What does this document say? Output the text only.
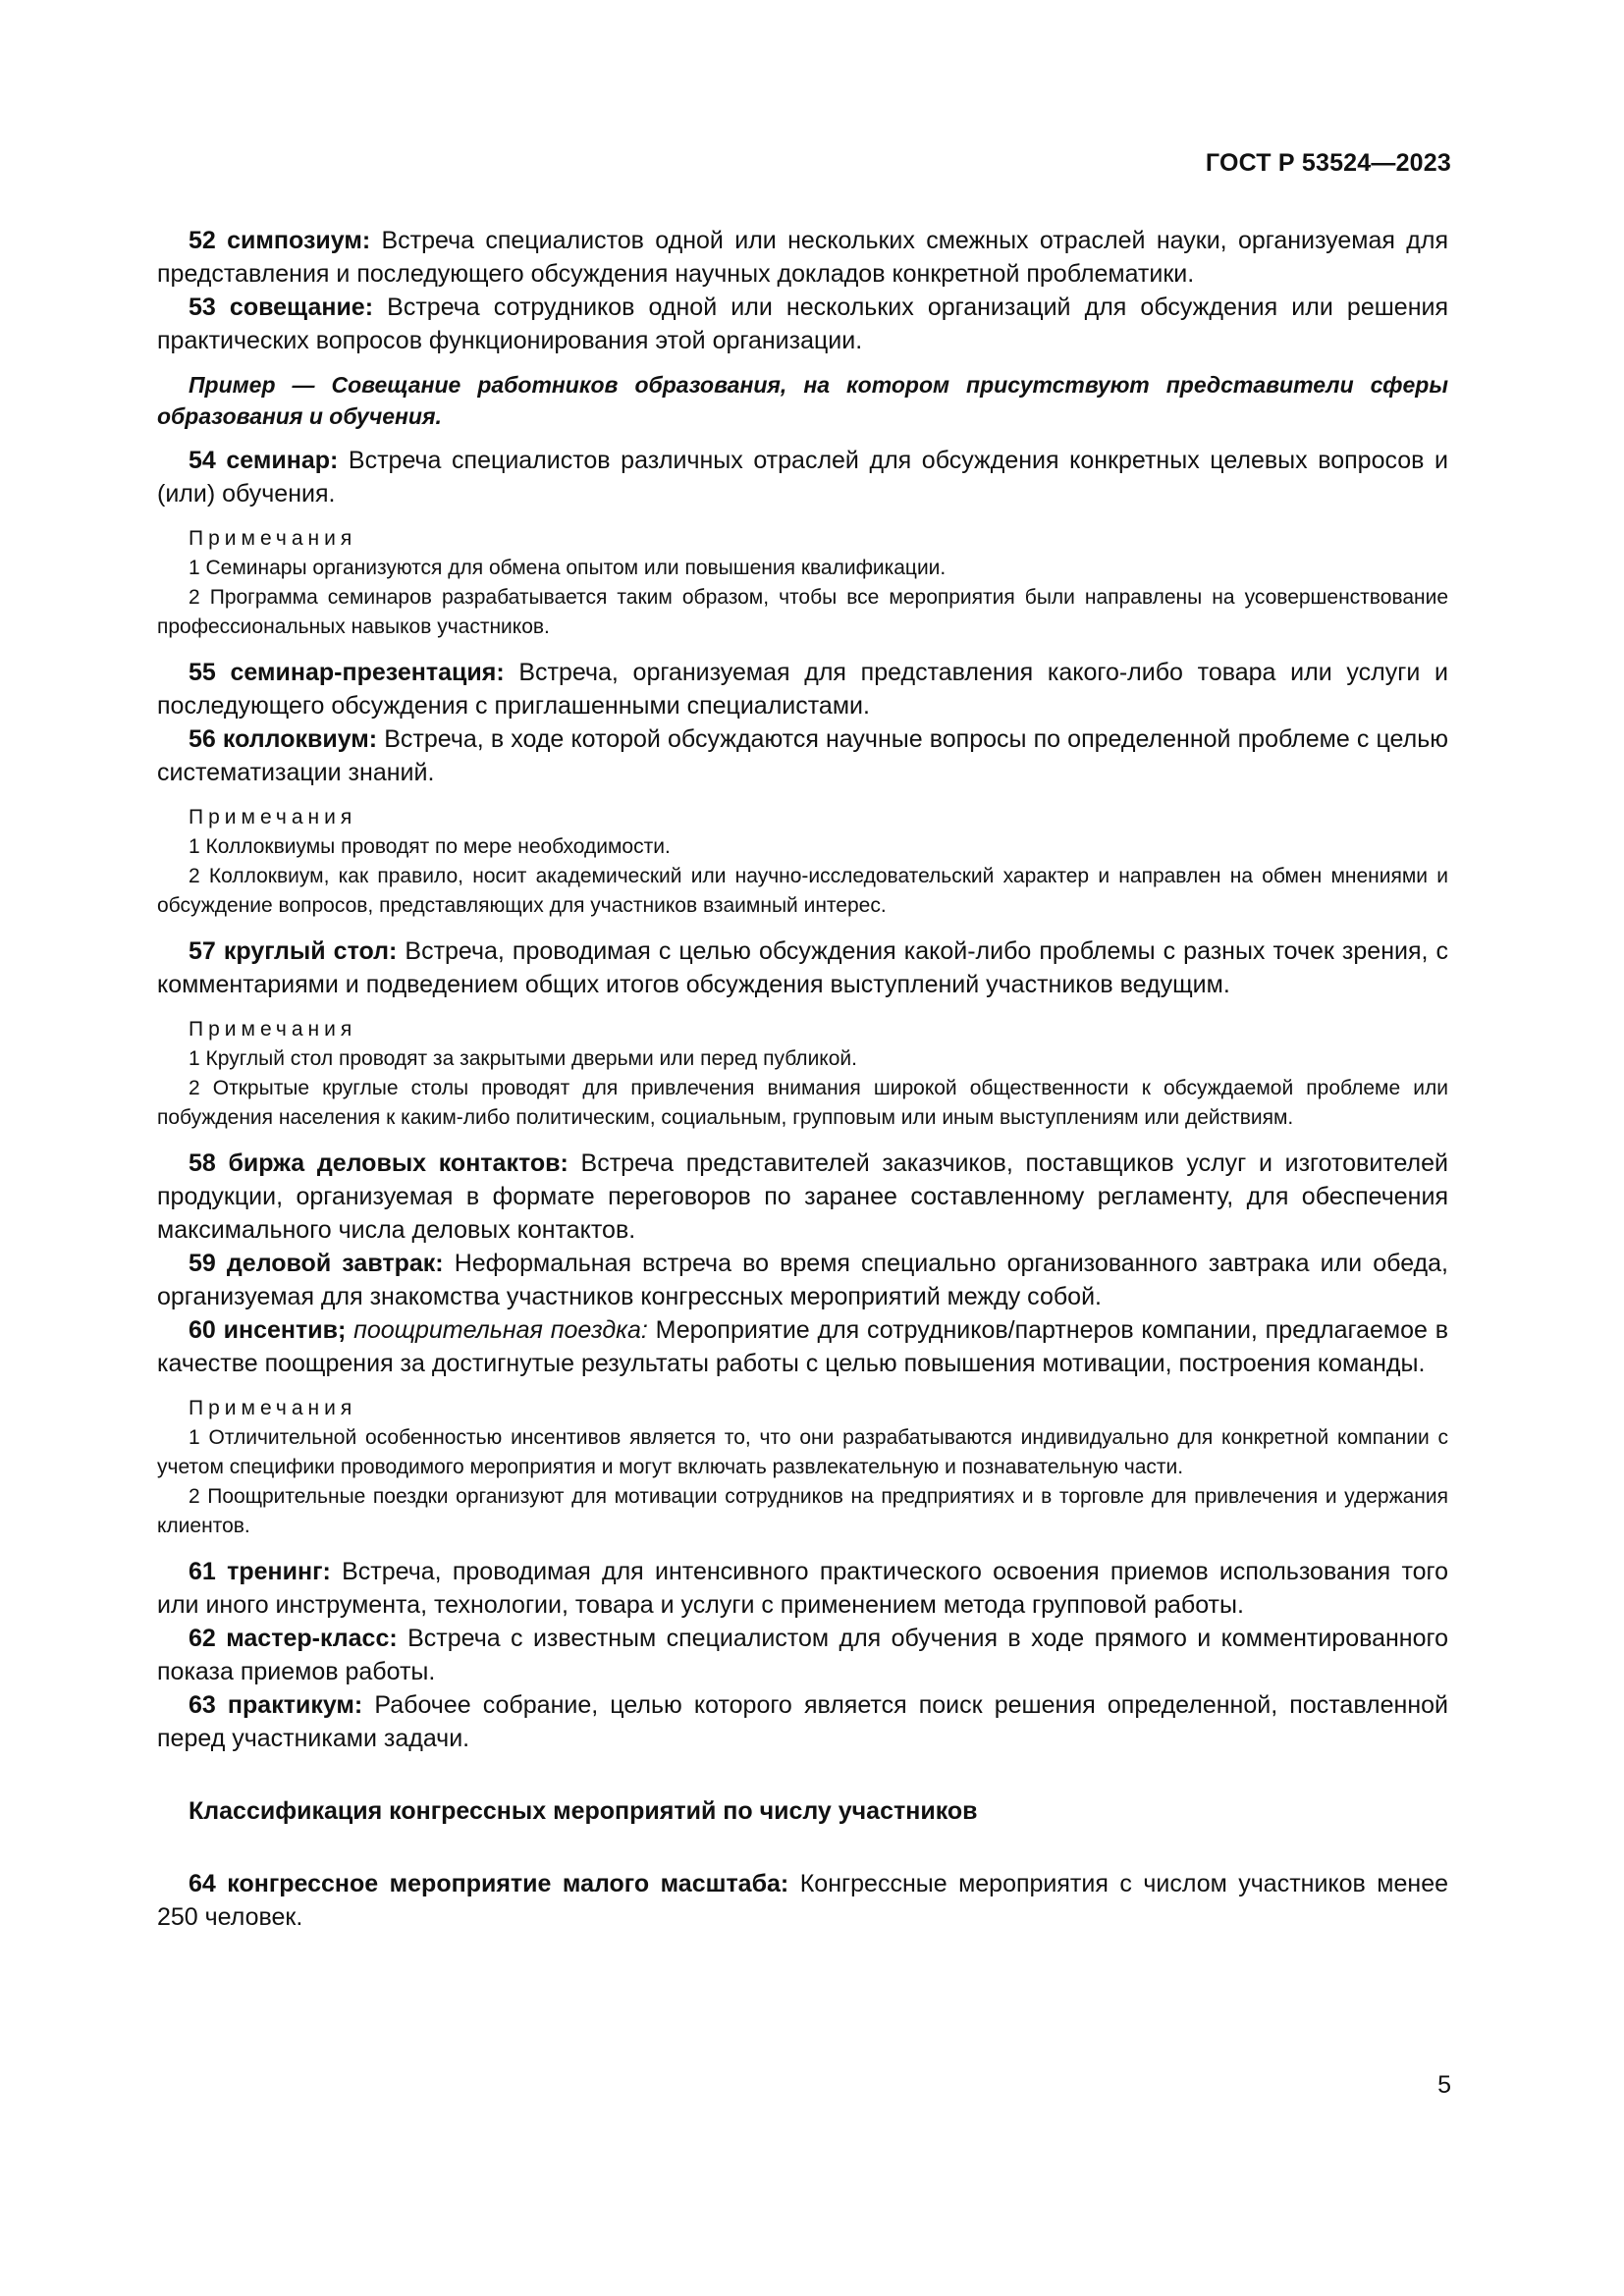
ГОСТ Р 53524—2023

52 симпозиум: Встреча специалистов одной или нескольких смежных отраслей науки, организуемая для представления и последующего обсуждения научных докладов конкретной проблематики.

53 совещание: Встреча сотрудников одной или нескольких организаций для обсуждения или решения практических вопросов функционирования этой организации.

Пример — Совещание работников образования, на котором присутствуют представители сферы образования и обучения.

54 семинар: Встреча специалистов различных отраслей для обсуждения конкретных целевых вопросов и (или) обучения.

Примечания

1 Семинары организуются для обмена опытом или повышения квалификации.

2 Программа семинаров разрабатывается таким образом, чтобы все мероприятия были направлены на усовершенствование профессиональных навыков участников.

55 семинар-презентация: Встреча, организуемая для представления какого-либо товара или услуги и последующего обсуждения с приглашенными специалистами.

56 коллоквиум: Встреча, в ходе которой обсуждаются научные вопросы по определенной проблеме с целью систематизации знаний.

Примечания

1 Коллоквиумы проводят по мере необходимости.

2 Коллоквиум, как правило, носит академический или научно-исследовательский характер и направлен на обмен мнениями и обсуждение вопросов, представляющих для участников взаимный интерес.

57 круглый стол: Встреча, проводимая с целью обсуждения какой-либо проблемы с разных точек зрения, с комментариями и подведением общих итогов обсуждения выступлений участников ведущим.

Примечания

1 Круглый стол проводят за закрытыми дверьми или перед публикой.

2 Открытые круглые столы проводят для привлечения внимания широкой общественности к обсуждаемой проблеме или побуждения населения к каким-либо политическим, социальным, групповым или иным выступлениям или действиям.

58 биржа деловых контактов: Встреча представителей заказчиков, поставщиков услуг и изготовителей продукции, организуемая в формате переговоров по заранее составленному регламенту, для обеспечения максимального числа деловых контактов.

59 деловой завтрак: Неформальная встреча во время специально организованного завтрака или обеда, организуемая для знакомства участников конгрессных мероприятий между собой.

60 инсентив; поощрительная поездка: Мероприятие для сотрудников/партнеров компании, предлагаемое в качестве поощрения за достигнутые результаты работы с целью повышения мотивации, построения команды.

Примечания

1 Отличительной особенностью инсентивов является то, что они разрабатываются индивидуально для конкретной компании с учетом специфики проводимого мероприятия и могут включать развлекательную и познавательную части.

2 Поощрительные поездки организуют для мотивации сотрудников на предприятиях и в торговле для привлечения и удержания клиентов.

61 тренинг: Встреча, проводимая для интенсивного практического освоения приемов использования того или иного инструмента, технологии, товара и услуги с применением метода групповой работы.

62 мастер-класс: Встреча с известным специалистом для обучения в ходе прямого и комментированного показа приемов работы.

63 практикум: Рабочее собрание, целью которого является поиск решения определенной, поставленной перед участниками задачи.

Классификация конгрессных мероприятий по числу участников

64 конгрессное мероприятие малого масштаба: Конгрессные мероприятия с числом участников менее 250 человек.

5
